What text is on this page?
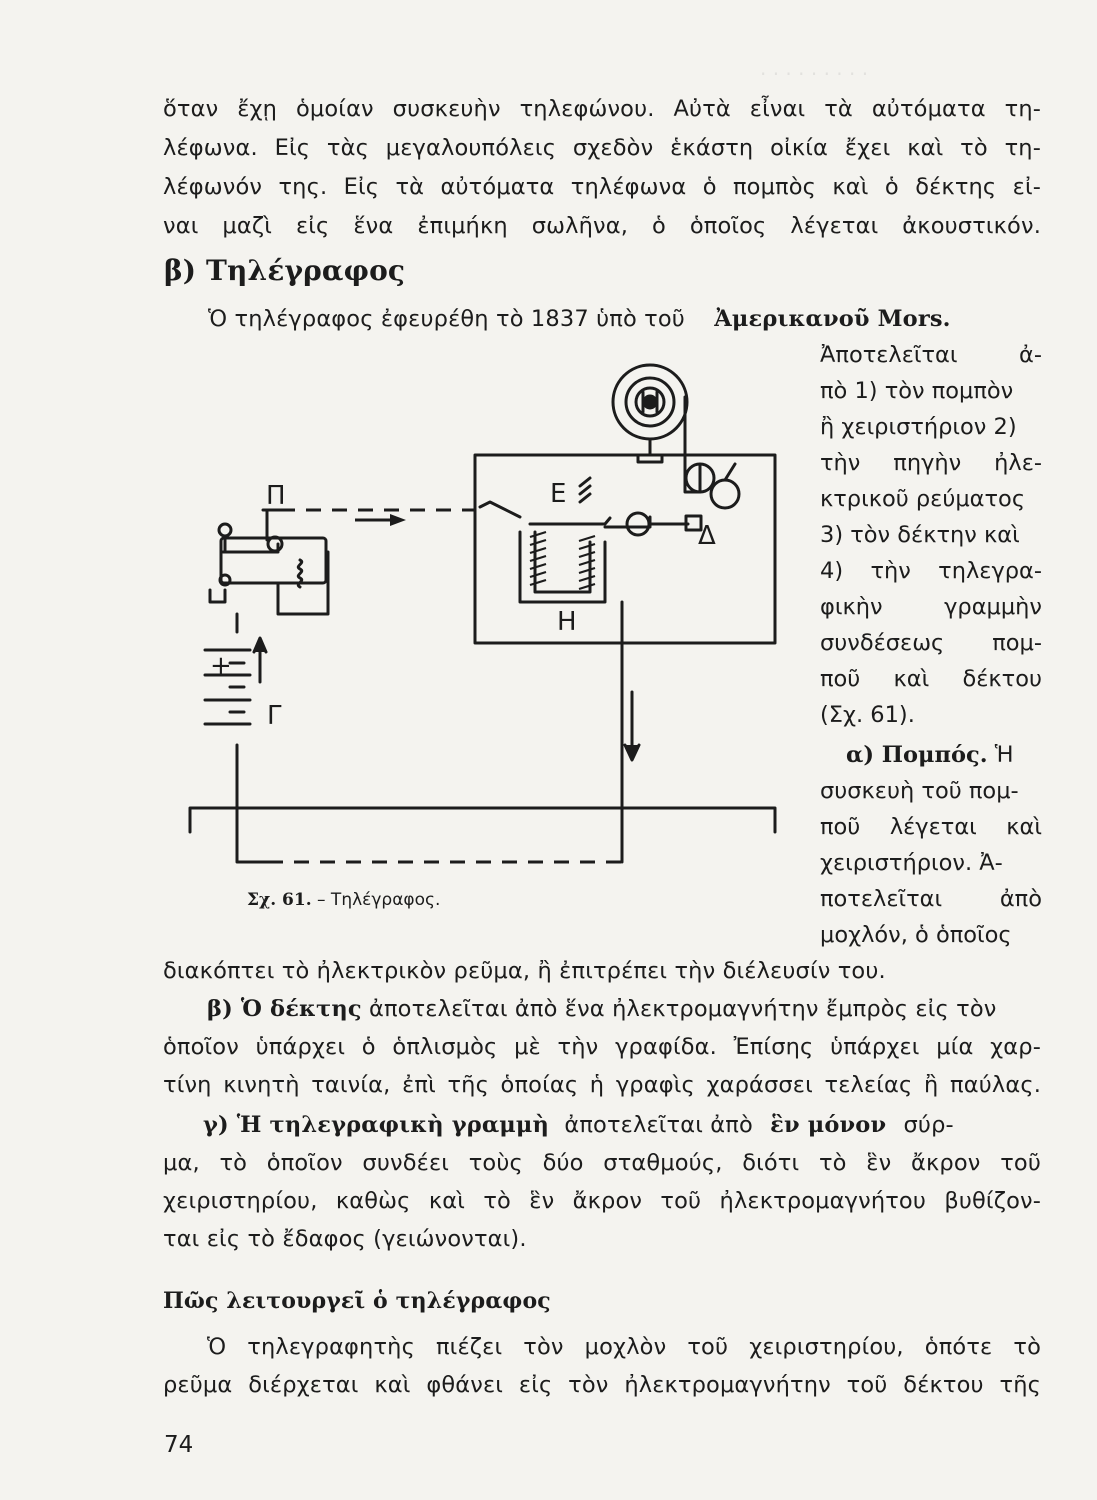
· · · · · · · · ·
ὅταν ἔχῃ ὁμοίαν συσκευὴν τηλεφώνου. Αὐτὰ εἶναι τὰ αὐτόματα τη-
λέφωνα. Εἰς τὰς μεγαλουπόλεις σχεδὸν ἑκάστη οἰκία ἔχει καὶ τὸ τη-
λέφωνόν της. Εἰς τὰ αὐτόματα τηλέφωνα ὁ πομπὸς καὶ ὁ δέκτης εἰ-
ναι μαζὶ εἰς ἕνα ἐπιμήκη σωλῆνα, ὁ ὁποῖος λέγεται ἀκουστικόν.
β) Τηλέγραφος
Ὁ τηλέγραφος ἐφευρέθη τὸ 1837 ὑπὸ τοῦ Ἀμερικανοῦ Mors.
Ἀποτελεῖται ἀ-
πὸ 1) τὸν πομπὸν
ἢ χειριστήριον 2)
τὴν πηγὴν ἠλε-
κτρικοῦ ρεύματος
3) τὸν δέκτην καὶ
4) τὴν τηλεγρα-
φικὴν γραμμὴν
συνδέσεως πομ-
ποῦ καὶ δέκτου
(Σχ. 61).
α) Πομπός. Ἡ
συσκευὴ τοῦ πομ-
ποῦ λέγεται καὶ
χειριστήριον. Ἀ-
ποτελεῖται ἀπὸ
μοχλόν, ὁ ὁποῖος
Π	Ε
Δ
Η
Γ
+
Σχ. 61. – Τηλέγραφος.
διακόπτει τὸ ἠλεκτρικὸν ρεῦμα, ἢ ἐπιτρέπει τὴν διέλευσίν του.
β) Ὁ δέκτης ἀποτελεῖται ἀπὸ ἕνα ἠλεκτρομαγνήτην ἔμπρὸς εἰς τὸν
ὁποῖον ὑπάρχει ὁ ὁπλισμὸς μὲ τὴν γραφίδα. Ἐπίσης ὑπάρχει μία χαρ-
τίνη κινητὴ ταινία, ἐπὶ τῆς ὁποίας ἡ γραφὶς χαράσσει τελείας ἢ παύλας.
γ) Ἡ τηλεγραφικὴ γραμμὴ ἀποτελεῖται ἀπὸ ἓν μόνον σύρ-
μα, τὸ ὁποῖον συνδέει τοὺς δύο σταθμούς, διότι τὸ ἓν ἄκρον τοῦ
χειριστηρίου, καθὼς καὶ τὸ ἓν ἄκρον τοῦ ἠλεκτρομαγνήτου βυθίζον-
ται εἰς τὸ ἔδαφος (γειώνονται).
Πῶς λειτουργεῖ ὁ τηλέγραφος
Ὁ τηλεγραφητὴς πιέζει τὸν μοχλὸν τοῦ χειριστηρίου, ὁπότε τὸ
ρεῦμα διέρχεται καὶ φθάνει εἰς τὸν ἠλεκτρομαγνήτην τοῦ δέκτου τῆς
74
